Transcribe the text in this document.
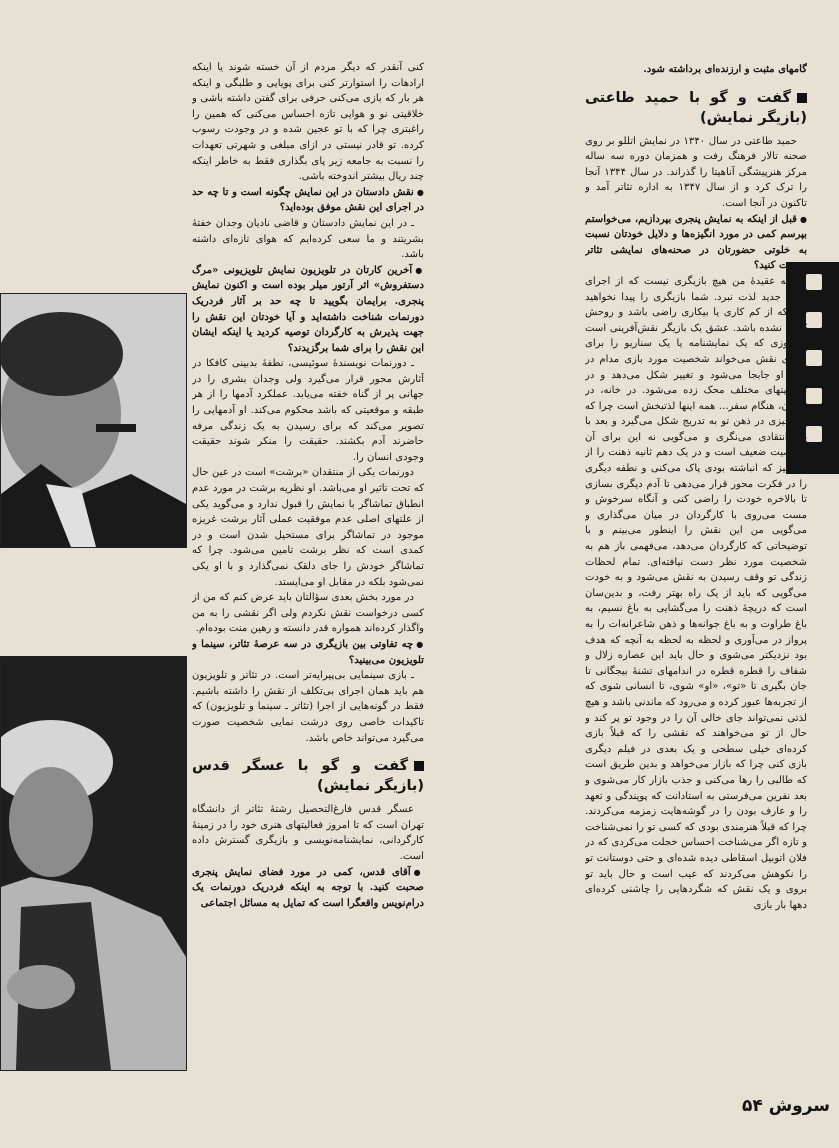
گامهای مثبت و ارزنده‌ای برداشته شود.

گفت و گو با حمید طاعتی (بازیگر نمایش)

حمید طاعتی در سال ۱۳۴۰ در نمایش اتللو بر روی صحنه تالار فرهنگ رفت و همزمان دوره سه ساله مرکز هنرپیشگی آناهیتا را گذراند. در سال ۱۳۴۴ آنجا را ترک کرد و از سال ۱۳۴۷ به اداره تئاتر آمد و تاکنون در آنجا است.

● قبل از اینکه به نمایش پنجری بپردازیم، می‌خواستم بپرسم کمی در مورد انگیزه‌ها و دلایل خودتان نسبت به خلوتی حضورتان در صحنه‌های نمایشی تئاتر صحبت کنید؟

ـ به عقیدهٔ من هیچ بازیگری نیست که از اجرای نقش جدید لذت نبرد. شما بازیگری را پیدا نخواهید کرد که از کم کاری یا بیکاری راضی باشد و روحش کسل نشده باشد. عشق یک بازیگر نقش‌آفرینی است از روزی که یک نمایشنامه یا یک سناریو را برای اجرای نقش می‌خواند شخصیت مورد بازی مدام در ذهن او جابجا می‌شود و تغییر شکل می‌دهد و در موقعیتهای مختلف محک زده می‌شود. در خانه، در خیابان، هنگام سفر... همه اینها لذتبخش است چرا که یک چیزی در ذهن تو به تدریج شکل می‌گیرد و بعد با دید انتقادی می‌نگری و می‌گویی نه این برای آن شخصیت ضعیف است و در یک دهم ثانیه ذهنت را از هر چیز که انباشته بودی پاک می‌کنی و نطفه دیگری را در فکرت محور قرار می‌دهی تا آدم دیگری بسازی تا بالاخره خودت را راضی کنی و آنگاه سرخوش و مست می‌روی با کارگردان در میان می‌گذاری و می‌گویی من این نقش را اینطور می‌بینم و با توضیحاتی که کارگردان می‌دهد، می‌فهمی باز هم به شخصیت مورد نظر دست نیافته‌ای. تمام لحظات زندگی تو وقف رسیدن به نقش می‌شود و به خودت می‌گویی که باید از یک راه بهتر رفت، و بدین‌سان است که دریچهٔ ذهنت را می‌گشایی به باغ نسیم، به باغ طراوت و به باغ جوانه‌ها و ذهن شاعرانه‌ات را به پرواز در می‌آوری و لحظه به لحظه به آنچه که هدف بود نزدیکتر می‌شوی و حال باید این عصاره زلال و شفاف را قطره قطره در اندامهای تشنهٔ بیجگانی تا جان بگیری تا «تو»، «او» شوی، تا انسانی شوی که از تجربه‌ها عبور کرده و می‌رود که ماندنی باشد و هیچ لذتی نمی‌تواند جای خالی آن را در وجود تو پر کند و حال از تو می‌خواهند که نقشی را که قبلاً بازی کرده‌ای خیلی سطحی و یک بعدی در فیلم دیگری بازی کنی چرا که بازار می‌خواهد و بدین طریق است که طالبی را رها می‌کنی و جذب بازار کار می‌شوی و بعد نفرین می‌فرستی به استادانت که پویندگی و تعهد را و عارف بودن را در گوشه‌هایت زمزمه می‌کردند. چرا که قبلاً هنرمندی بودی که کسی تو را نمی‌شناخت و تازه اگر می‌شناخت احساس خجلت می‌کردی که در فلان اتوبیل اسقاطی دیده شده‌ای و حتی دوستانت تو را نکوهش می‌کردند که عیب است و حال باید تو بروی و یک نقش که شگردهایی را چاشنی کرده‌ای دهها بار بازی

کنی آنقدر که دیگر مردم از آن خسته شوند یا اینکه ارادهات را استوارتر کنی برای پویایی و طلبگی و اینکه هر بار که بازی می‌کنی حرفی برای گفتن داشته باشی و خلاقیتی نو و هوایی تازه احساس می‌کنی که همین را راغبتری چرا که با تو عجین شده و در وجودت رسوب کرده. تو قادر نیستی در ازای مبلغی و شهرتی تعهدات را نسبت به جامعه زیر پای بگذاری فقط به خاطر اینکه چند ریال بیشتر اندوخته باشی.

● نقش دادستان در این نمایش چگونه است و تا چه حد در اجرای این نقش موفق بوده‌اید؟

ـ در این نمایش دادستان و قاضی نادیان وجدان خفتهٔ بشریتند و ما سعی کرده‌ایم که هوای تازه‌ای داشته باشد.

● آخرین کارتان در تلویزیون نمایش تلویزیونی «مرگ دستفروش» اثر آرتور میلر بوده است و اکنون نمایش پنجری. برایمان بگویید تا چه حد بر آثار فردریک دورنمات شناخت داشته‌اید و آیا خودتان این نقش را جهت پذیرش به کارگردان توصیه کردید یا اینکه ایشان این نقش را برای شما برگزیدند؟

ـ دورنمات نویسندهٔ سوئیسی، نطفهٔ بدبینی کافکا در آثارش محور قرار می‌گیرد ولی وجدان بشری را در جهانی پر از گناه خفته می‌یابد. عملکرد آدمها را از هر طبقه و موقعیتی که باشد محکوم می‌کند. او آدمهایی را تصویر می‌کند که برای رسیدن به یک زندگی مرفه حاضرند آدم بکشند. حقیقت را منکر شوند حقیقت وجودی انسان را.

دورنمات یکی از منتقدان «برشت» است در عین حال که تحت تاثیر او می‌باشد. او نظریه برشت در مورد عدم انطباق تماشاگر با نمایش را قبول ندارد و می‌گوید یکی از علتهای اصلی عدم موفقیت عملی آثار برشت غریزه موجود در تماشاگر برای مستحیل شدن است و در کمدی است که نظر برشت تامین می‌شود. چرا که تماشاگر خودش را جای دلقک نمی‌گذارد و با او یکی نمی‌شود بلکه در مقابل او می‌ایستد.

در مورد بخش بعدی سؤالتان باید عرض کنم که من از کسی درخواست نقش نکردم ولی اگر نقشی را به من واگذار کرده‌اند همواره قدر دانسته و رهین منت بوده‌ام.

● چه تفاوتی بین بازیگری در سه عرصهٔ تئاتر، سینما و تلویزیون می‌بینید؟

ـ بازی سینمایی بی‌پیرایه‌تر است. در تئاتر و تلویزیون هم باید همان اجرای بی‌تکلف از نقش را داشته باشیم. فقط در گونه‌هایی از اجرا (تئاتر ـ سینما و تلویزیون) که تاکیدات خاصی روی درشت نمایی شخصیت صورت می‌گیرد می‌تواند خاص باشد.

گفت و گو با عسگر قدس (بازیگر نمایش)

عسگر قدس فارغ‌التحصیل رشتهٔ تئاتر از دانشگاه تهران است که تا امروز فعالیتهای هنری خود را در زمینهٔ کارگردانی، نمایشنامه‌نویسی و بازیگری گسترش داده است.

● آقای قدس، کمی در مورد فضای نمایش پنجری صحبت کنید. با توجه به اینکه فردریک دورنمات یک درام‌نویس واقعگرا است که تمایل به مسائل اجتماعی

سروش ۵۴
